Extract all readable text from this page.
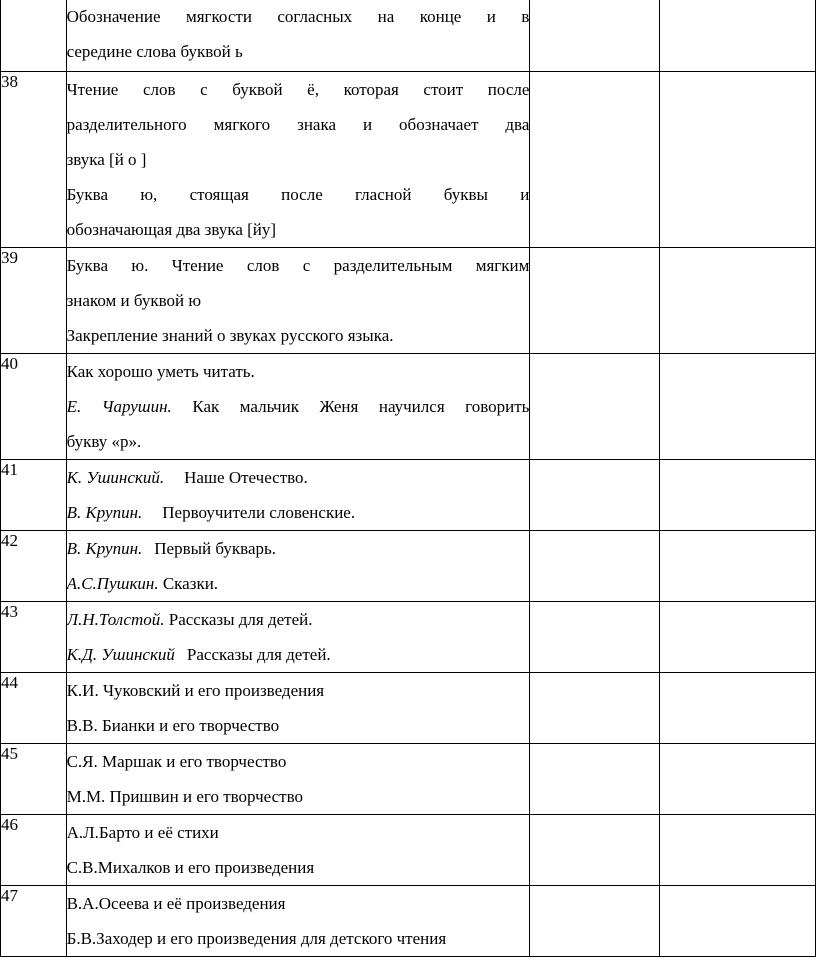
	Обозначение мягкости согласных на конце и в
середине слова буквой ь		

38	Чтение слов с буквой ё, которая стоит после
разделительного мягкого знака и обозначает два
звука [й о ]
Буква ю, стоящая после гласной буквы и
обозначающая два звука [йу]		

39	Буква ю. Чтение слов с разделительным мягким
знаком и буквой ю
Закрепление знаний о звуках русского языка.		

40	Как хорошо уметь читать.
Е. Чарушин. Как мальчик Женя научился говорить
букву «р».		

41	К. Ушинский. Наше Отечество.
В. Крупин. Первоучители словенские.		

42	В. Крупин. Первый букварь.
А.С.Пушкин. Сказки.		

43	Л.Н.Толстой. Рассказы для детей.
К.Д. Ушинский Рассказы для детей.		

44	К.И. Чуковский и его произведения
В.В. Бианки и его творчество		

45	С.Я. Маршак и его творчество
М.М. Пришвин и его творчество		

46	А.Л.Барто и её стихи
С.В.Михалков и его произведения		

47	В.А.Осеева и её произведения
Б.В.Заходер и его произведения для детского чтения		
